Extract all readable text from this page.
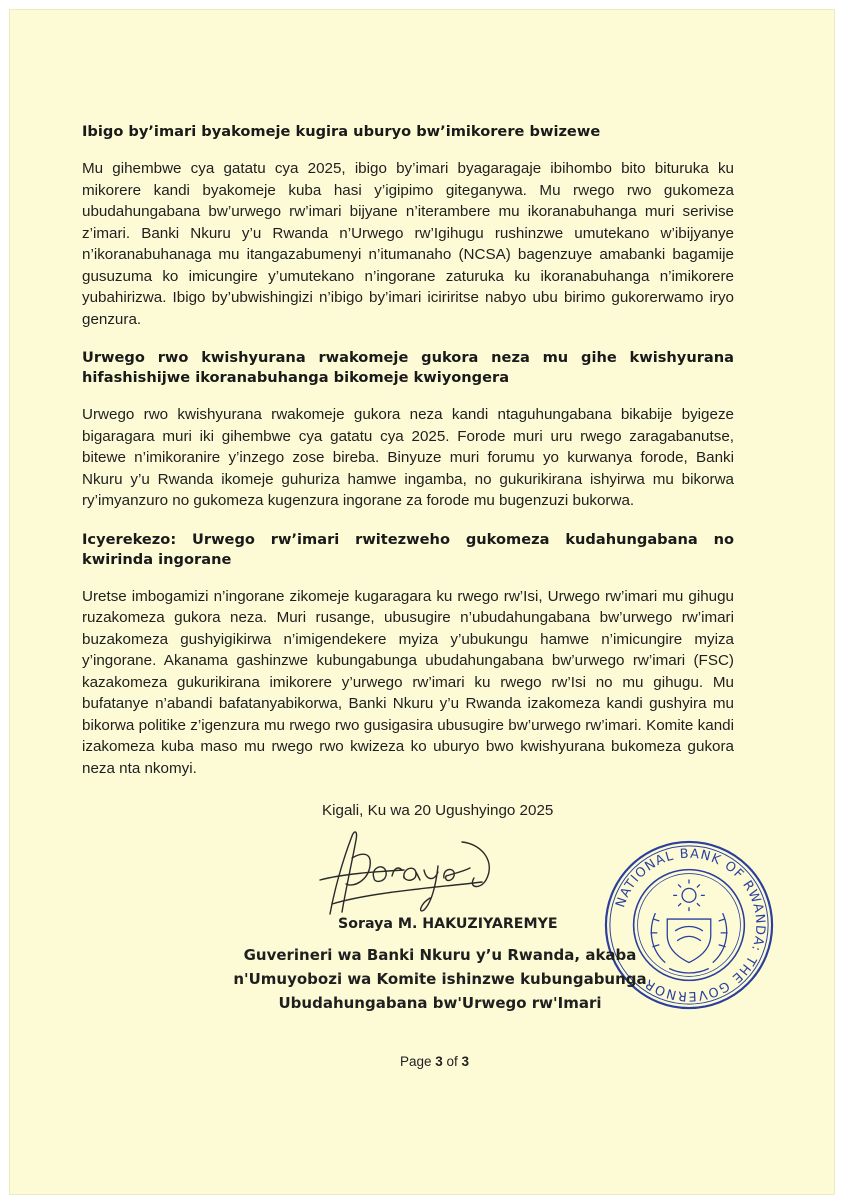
Ibigo by’imari byakomeje kugira uburyo bw’imikorere bwizewe

Mu gihembwe cya gatatu cya 2025, ibigo by’imari byagaragaje ibihombo bito bituruka ku mikorere kandi byakomeje kuba hasi y’igipimo giteganywa. Mu rwego rwo gukomeza ubudahungabana bw’urwego rw’imari bijyane n’iterambere mu ikoranabuhanga muri serivise z’imari. Banki Nkuru y’u Rwanda n’Urwego rw’Igihugu rushinzwe umutekano w’ibijyanye n’ikoranabuhanaga mu itangazabumenyi n’itumanaho (NCSA) bagenzuye amabanki bagamije gusuzuma ko imicungire y’umutekano n’ingorane zaturuka ku ikoranabuhanga n’imikorere yubahirizwa. Ibigo by’ubwishingizi n’ibigo by’imari iciriritse nabyo ubu birimo gukorerwamo iryo genzura.

Urwego rwo kwishyurana rwakomeje gukora neza mu gihe kwishyurana hifashishijwe ikoranabuhanga bikomeje kwiyongera

Urwego rwo kwishyurana rwakomeje gukora neza kandi ntaguhungabana bikabije byigeze bigaragara muri iki gihembwe cya gatatu cya 2025. Forode muri uru rwego zaragabanutse, bitewe n’imikoranire y’inzego zose bireba. Binyuze muri forumu yo kurwanya forode, Banki Nkuru y’u Rwanda ikomeje guhuriza hamwe ingamba, no gukurikirana ishyirwa mu bikorwa ry’imyanzuro no gukomeza kugenzura ingorane za forode mu bugenzuzi bukorwa.

Icyerekezo: Urwego rw’imari rwitezweho gukomeza kudahungabana no kwirinda ingorane

Uretse imbogamizi n’ingorane zikomeje kugaragara ku rwego rw’Isi, Urwego rw’imari mu gihugu ruzakomeza gukora neza. Muri rusange, ubusugire n’ubudahungabana bw’urwego rw’imari buzakomeza gushyigikirwa n’imigendekere myiza y’ubukungu hamwe n’imicungire myiza y’ingorane. Akanama gashinzwe kubungabunga ubudahungabana bw’urwego rw’imari (FSC) kazakomeza gukurikirana imikorere y’urwego rw’imari ku rwego rw’Isi no mu gihugu. Mu bufatanye n’abandi bafatanyabikorwa, Banki Nkuru y’u Rwanda izakomeza kandi gushyira mu bikorwa politike z’igenzura mu rwego rwo gusigasira ubusugire bw’urwego rw’imari. Komite kandi izakomeza kuba maso mu rwego rwo kwizeza ko uburyo bwo kwishyurana bukomeza gukora neza nta nkomyi.

Kigali, Ku wa 20 Ugushyingo 2025
NATIONAL BANK OF RWANDA: THE GOVERNOR
Soraya M. HAKUZIYAREMYE
Guverineri wa Banki Nkuru y’u Rwanda, akaba
n'Umuyobozi wa Komite ishinzwe kubungabunga
Ubudahungabana bw'Urwego rw'Imari
Page 3 of 3
